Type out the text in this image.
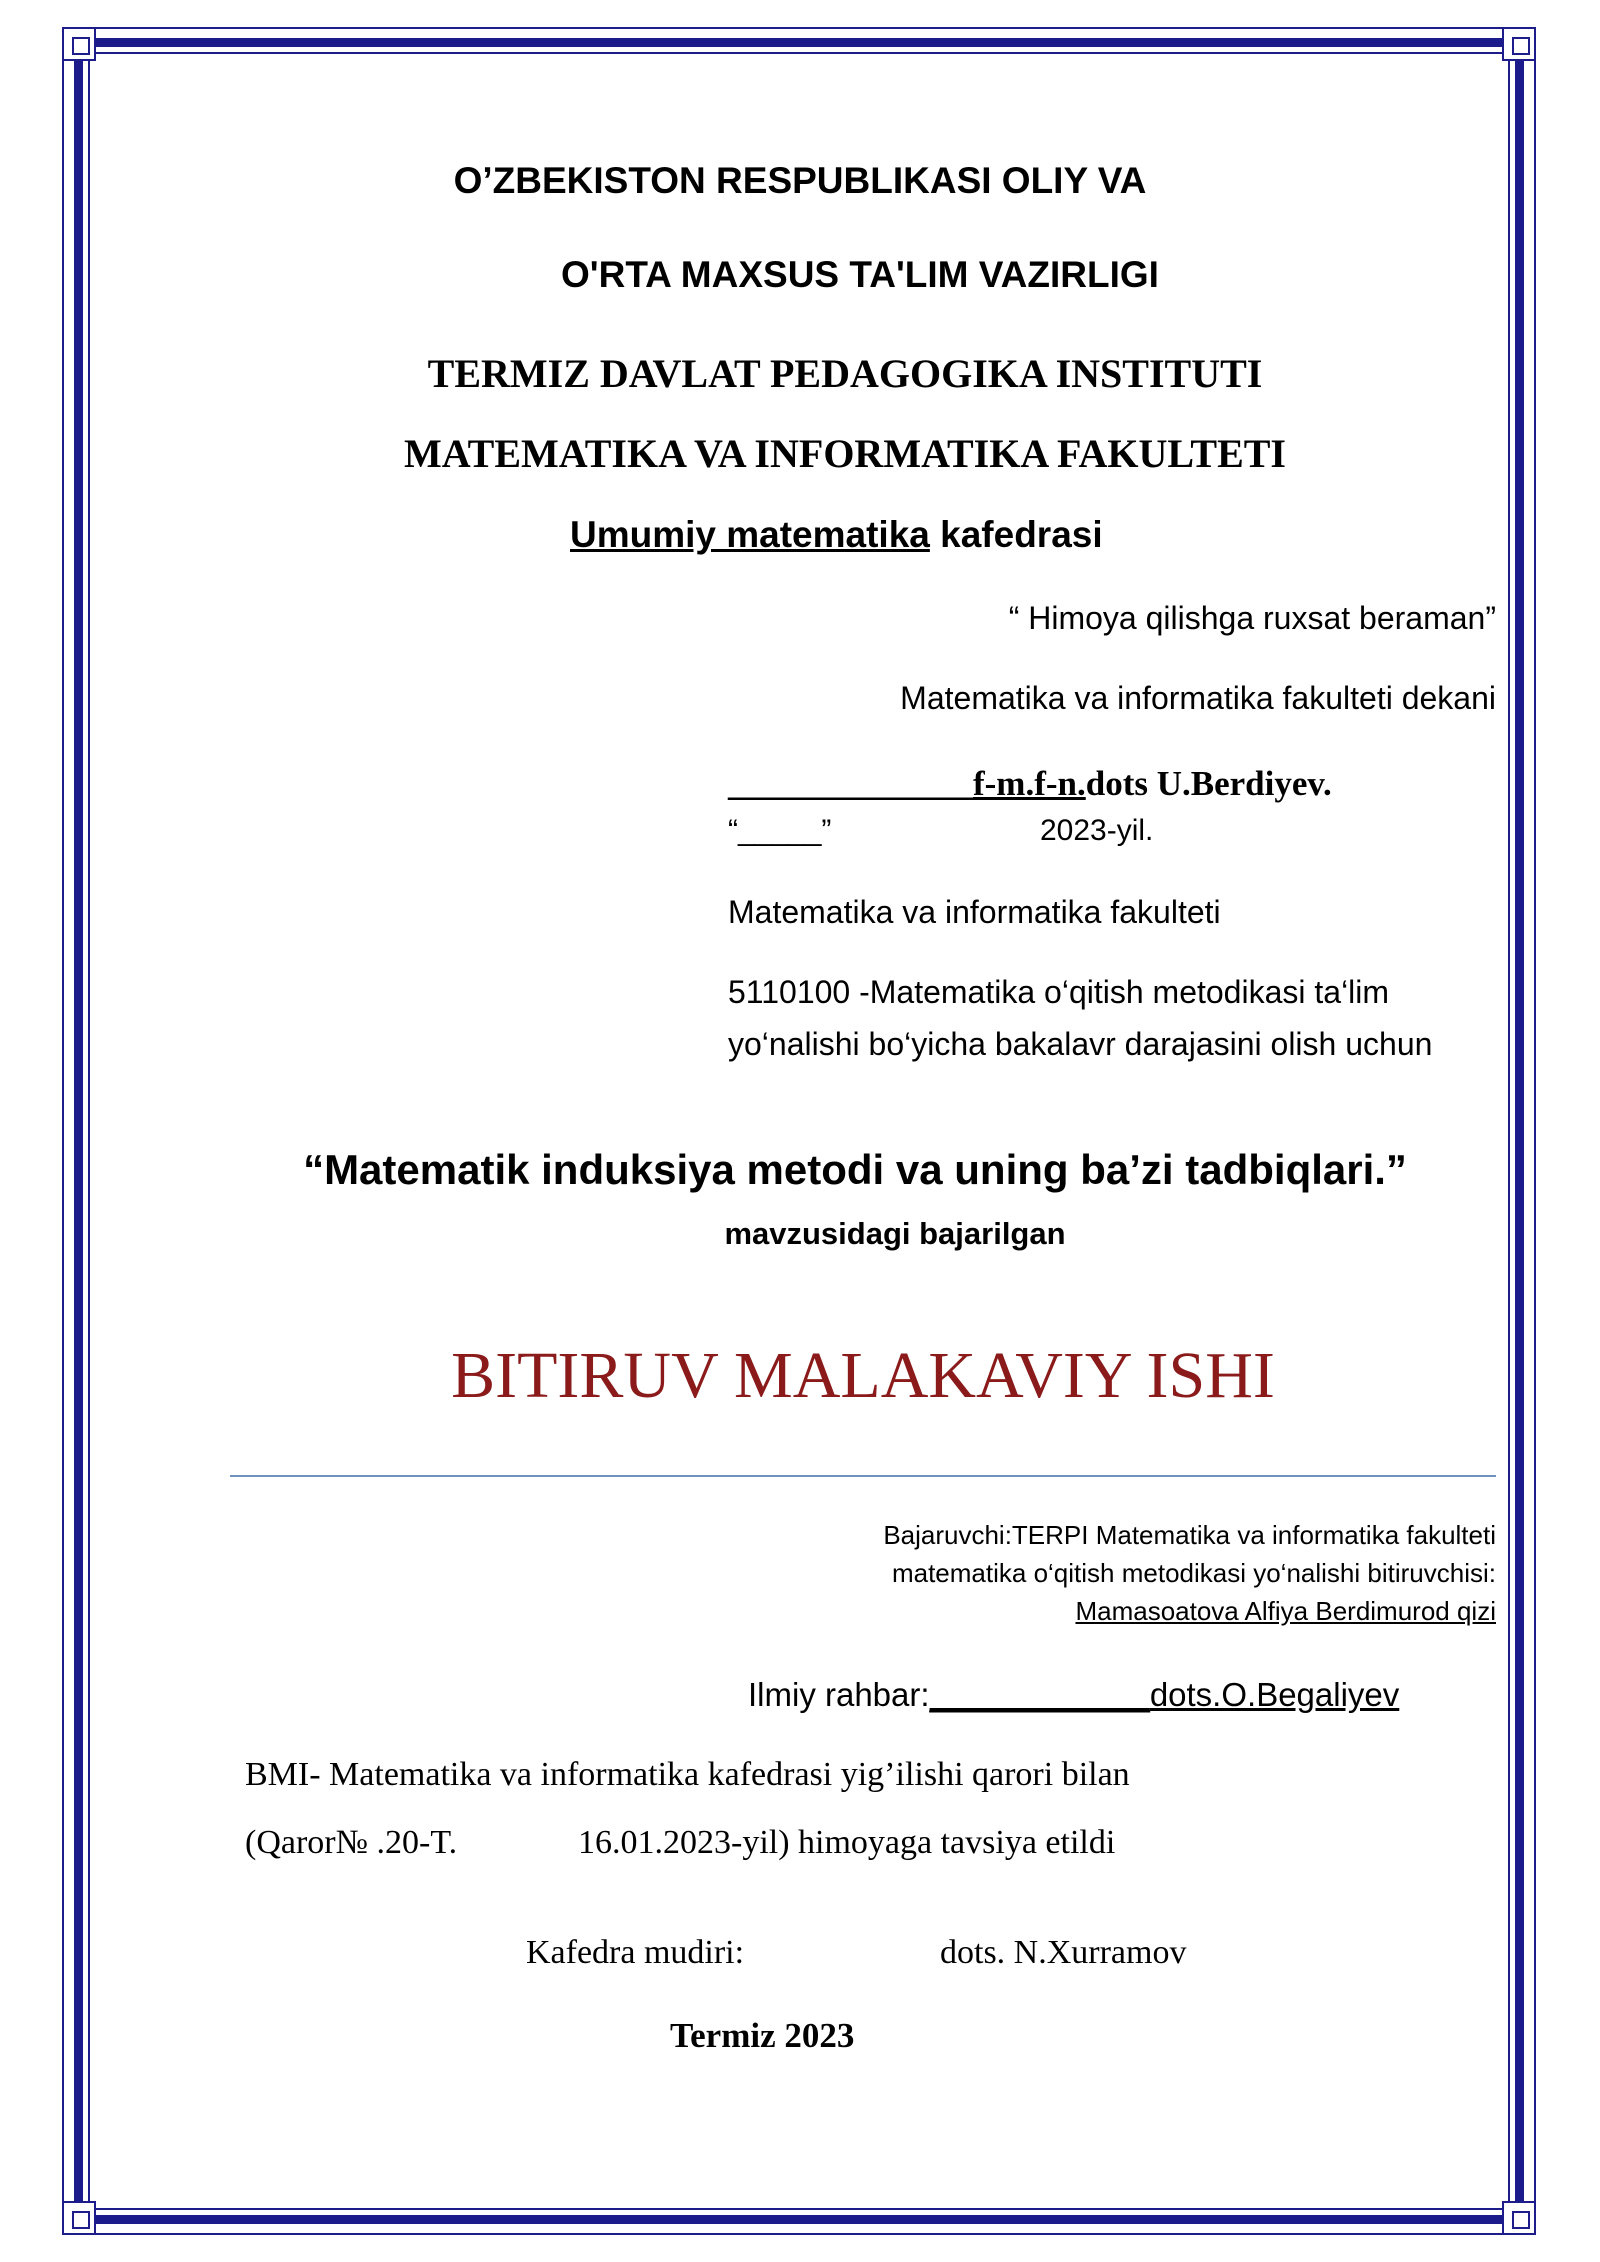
O’ZBEKISTON RESPUBLIKASI OLIY VA
O'RTA MAXSUS TA'LIM VAZIRLIGI
TERMIZ DAVLAT PEDAGOGIKA INSTITUTI
MATEMATIKA VA INFORMATIKA FAKULTETI
Umumiy matematika kafedrasi
“ Himoya qilishga ruxsat beraman”
Matematika va informatika fakulteti dekani
______________f-m.f-n.dots U.Berdiyev.
“_____”	2023-yil.
Matematika va informatika fakulteti
5110100 -Matematika o‘qitish metodikasi ta‘lim
yo‘nalishi bo‘yicha bakalavr darajasini olish uchun
“Matematik induksiya metodi va uning ba’zi tadbiqlari.”
mavzusidagi bajarilgan
BITIRUV MALAKAVIY ISHI
Bajaruvchi:TERPI Matematika va informatika fakulteti
matematika o‘qitish metodikasi yo‘nalishi bitiruvchisi:
Mamasoatova Alfiya Berdimurod qizi
Ilmiy rahbar:____________dots.O.Begaliyev
BMI- Matematika va informatika kafedrasi yig’ilishi qarori bilan
(Qaror№ .20-T.	16.01.2023-yil) himoyaga tavsiya etildi
Kafedra mudiri:	dots. N.Xurramov
Termiz 2023
